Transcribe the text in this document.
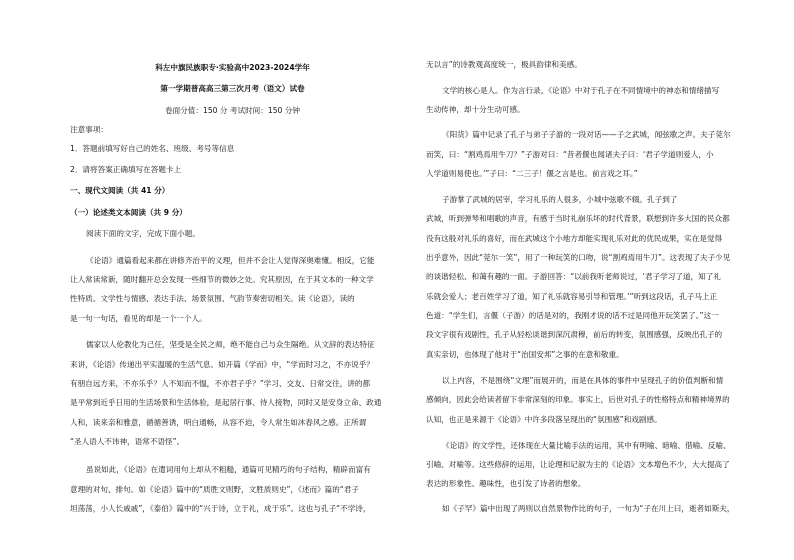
科左中旗民族职专·实验高中2023-2024学年

第一学期普高高三第三次月考（语文）试卷

卷面分值：150 分 考试时间：150 分钟

注意事项：

1．答题前填写好自己的姓名、班级、考号等信息

2．请将答案正确填写在答题卡上

一、现代文阅读（共 41 分）

（一）论述类文本阅读（共 9 分）

阅读下面的文字，完成下面小题。

《论语》通篇看起来都在讲修齐治平的义理，但并不会让人觉得深奥难懂。相反，它能

让人常读常新，随时翻开总会发现一些细节的微妙之处。究其原因，在于其文本的一种文学

性特质。文学性与情感、表达手法、场景氛围、气韵节奏密切相关。读《论语》，读的

是一句一句话，看见的却是一个一个人。

儒家以人伦教化为己任，坚受是全民之师，绝不能自己与众生隔绝。从文辞的表达特征

来讲，《论语》传递出平实温暖的生活气息。如开篇《学而》中，“学而时习之，不亦说乎？

有朋自远方来，不亦乐乎？人不知而不愠，不亦君子乎？”学习、交友、日常交往，讲的都

是平常到近乎日用的生活场景和生活体验，是起居行事、待人接物，同时又是安身立命、政通

人和，读来亲和雅意，循循善诱，明白通畅，从容不迫，令人常生如沐春风之感。正所谓

“圣人语人不讳神，语常不语怪”。

虽说如此，《论语》在遣词用句上却从不粗糙，通篇可见精巧的句子结构，精辟而富有

意理的对句、排句。如《论语》篇中的“质胜文则野，文胜质则史”，《述而》篇的“君子

坦荡荡，小人长戚戚”，《泰伯》篇中的“兴于诗，立于礼，成于乐”。这也与孔子“不学诗，

无以言”的诗教观高度统一，极具韵律和美感。

文学的核心是人。作为言行录，《论语》中对于孔子在不同情境中的神态和情绪描写

生动传神，却十分生动可感。

《阳货》篇中记录了孔子与弟子子游的一段对话——子之武城，闻弦歌之声。夫子莞尔

而笑，曰：“割鸡焉用牛刀？”子游对曰：“昔者偃也闻诸夫子曰：‘君子学道则爱人，小

人学道则易使也。’”子曰：“二三子！偃之言是也。前言戏之耳。”

子游掌了武城的居宰，学习礼乐的人很多，小城中弦歌不辍。孔子到了

武城，听到弹琴和唱歌的声音，有感于当时礼崩乐坏的时代背景，联想到许多大国的民众都

没有这般对礼乐的喜好，而在武城这个小地方却能实现礼乐对此的优民成果，实在是觉得

出乎意外，因此“莞尔一笑”，用了一种玩笑的口吻，说“割鸡焉用牛刀”。这表现了夫子少见

的谈谐轻松、和蔼有趣的一面。子游回答：“以前我听老师说过，‘君子学习了道，知了礼

乐就会爱人；老百姓学习了道，知了礼乐就容易引导和管理。’”听到这段话，孔子马上正

色道：“学生们，言偃（子游）的话是对的，我刚才说的话不过是同他开玩笑罢了。”这一

段文字很有戏剧性，孔子从轻松谈谐到深沉肃穆，前后的转变，氛围感强，反映出孔子的

真实亲切，也体现了他对于“治国安邦”之事的在意和敬重。

以上内容，不是围绕“文理”而展开的，而是在具体的事件中呈现孔子的价值判断和情

感倾向，因此会给读者留下非常深刻的印象。事实上，后世对孔子的性格特点和精神境界的

认知，也正是来源于《论语》中许多段落呈现出的“氛围感”和戏剧感。

《论语》的文学性，还体现在大量比喻手法的运用，其中有明喻、暗喻、借喻、反喻、

引喻、对喻等。这些修辞的运用，让论理和记叙为主的《论语》文本增色不少，大大提高了

表达的形象性、趣味性，也引发了诗者的想象。

如《子罕》篇中出现了两则以自然景物作比的句子，一句为“子在川上曰，逝者如斯夫，
